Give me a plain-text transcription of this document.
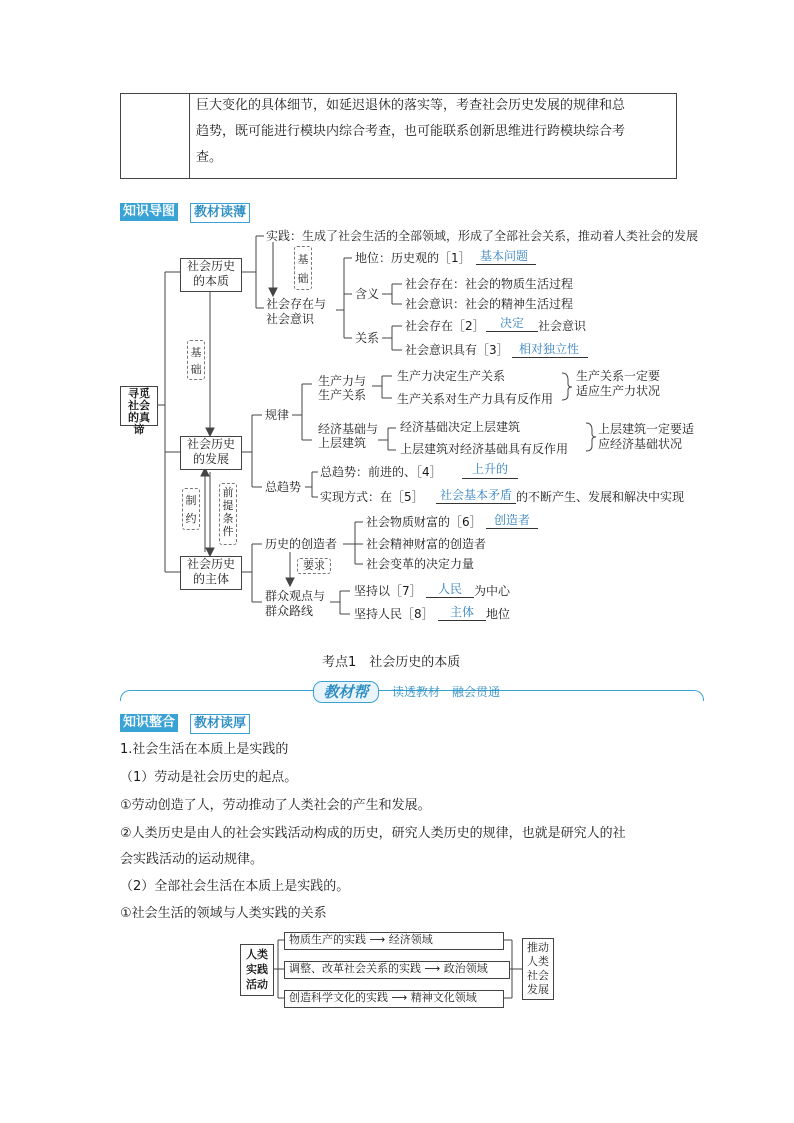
巨大变化的具体细节，如延迟退休的落实等，考查社会历史发展的规律和总
趋势，既可能进行模块内综合考查，也可能联系创新思维进行跨模块综合考
查。
知识导图	教材读薄
寻觅社会的真谛
社会历史
的本质
社会历史
的发展
社会历史
的主体
基
础
基
础
制
约
前
提
条
件
要求
实践：生成了社会生活的全部领域，形成了全部社会关系，推动着人类社会的发展
社会存在与
社会意识
地位：历史观的［1］ 基本问题
含义
社会存在：社会的物质生活过程
社会意识：社会的精神生活过程
关系
社会存在［2］	决定	社会意识
社会意识具有［3］ 相对独立性
规律
生产力与
生产关系
生产力决定生产关系
生产关系对生产力具有反作用
生产关系一定要
适应生产力状况
经济基础与
上层建筑
经济基础决定上层建筑
上层建筑对经济基础具有反作用
上层建筑一定要适
应经济基础状况
总趋势
总趋势：前进的、［4］	上升的
实现方式：在［5］	社会基本矛盾 的不断产生、发展和解决中实现
历史的创造者
社会物质财富的［6］	创造者
社会精神财富的创造者
社会变革的决定力量
群众观点与
群众路线
坚持以［7］	人民	为中心
坚持人民［8］	主体	地位
考点1　社会历史的本质
教材帮	读透教材　融会贯通
知识整合	教材读厚
1.社会生活在本质上是实践的
（1）劳动是社会历史的起点。
①劳动创造了人，劳动推动了人类社会的产生和发展。
②人类历史是由人的社会实践活动构成的历史，研究人类历史的规律，也就是研究人的社
会实践活动的运动规律。
（2）全部社会生活在本质上是实践的。
①社会生活的领域与人类实践的关系
人类
实践
活动
物质生产的实践 ⟶ 经济领域
调整、改革社会关系的实践 ⟶ 政治领域
创造科学文化的实践 ⟶ 精神文化领域
推动
人类
社会
发展
